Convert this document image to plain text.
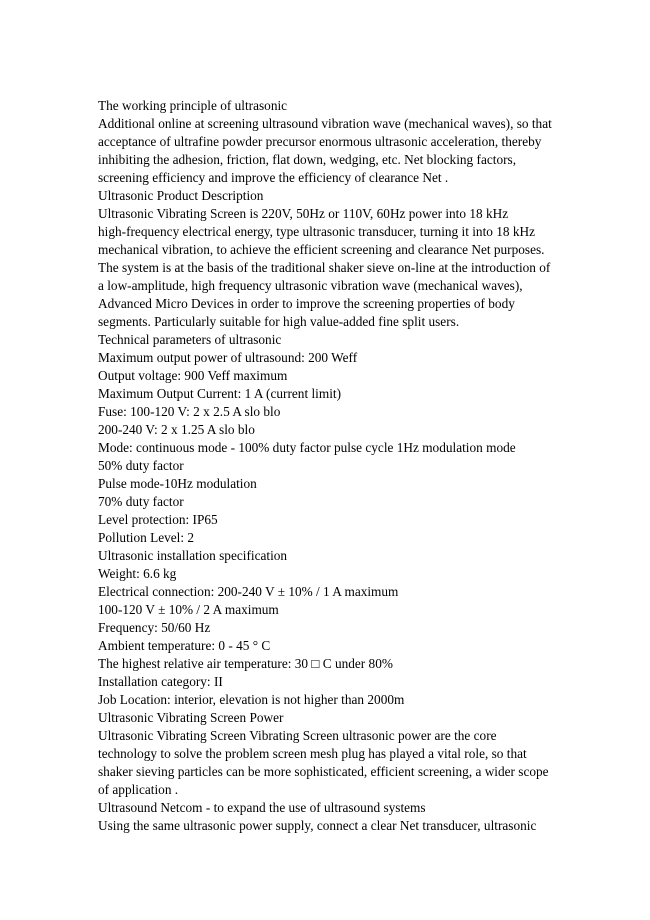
The working principle of ultrasonic

Additional online at screening ultrasound vibration wave (mechanical waves), so that

acceptance of ultrafine powder precursor enormous ultrasonic acceleration, thereby

inhibiting the adhesion, friction, flat down, wedging, etc. Net blocking factors,

screening efficiency and improve the efficiency of clearance Net .

Ultrasonic Product Description

Ultrasonic Vibrating Screen is 220V, 50Hz or 110V, 60Hz power into 18 kHz

high-frequency electrical energy, type ultrasonic transducer, turning it into 18 kHz

mechanical vibration, to achieve the efficient screening and clearance Net purposes.

The system is at the basis of the traditional shaker sieve on-line at the introduction of

a low-amplitude, high frequency ultrasonic vibration wave (mechanical waves),

Advanced Micro Devices in order to improve the screening properties of body

segments. Particularly suitable for high value-added fine split users.

Technical parameters of ultrasonic

Maximum output power of ultrasound: 200 Weff

Output voltage: 900 Veff maximum

Maximum Output Current: 1 A (current limit)

Fuse: 100-120 V: 2 x 2.5 A slo blo

200-240 V: 2 x 1.25 A slo blo

Mode: continuous mode - 100% duty factor pulse cycle 1Hz modulation mode

50% duty factor

Pulse mode-10Hz modulation

70% duty factor

Level protection: IP65

Pollution Level: 2

Ultrasonic installation specification

Weight: 6.6 kg

Electrical connection: 200-240 V ± 10% / 1 A maximum

100-120 V ± 10% / 2 A maximum

Frequency: 50/60 Hz

Ambient temperature: 0 - 45 ° C

The highest relative air temperature: 30 □ C under 80%

Installation category: II

Job Location: interior, elevation is not higher than 2000m

Ultrasonic Vibrating Screen Power

Ultrasonic Vibrating Screen Vibrating Screen ultrasonic power are the core

technology to solve the problem screen mesh plug has played a vital role, so that

shaker sieving particles can be more sophisticated, efficient screening, a wider scope

of application .

Ultrasound Netcom - to expand the use of ultrasound systems

Using the same ultrasonic power supply, connect a clear Net transducer, ultrasonic
